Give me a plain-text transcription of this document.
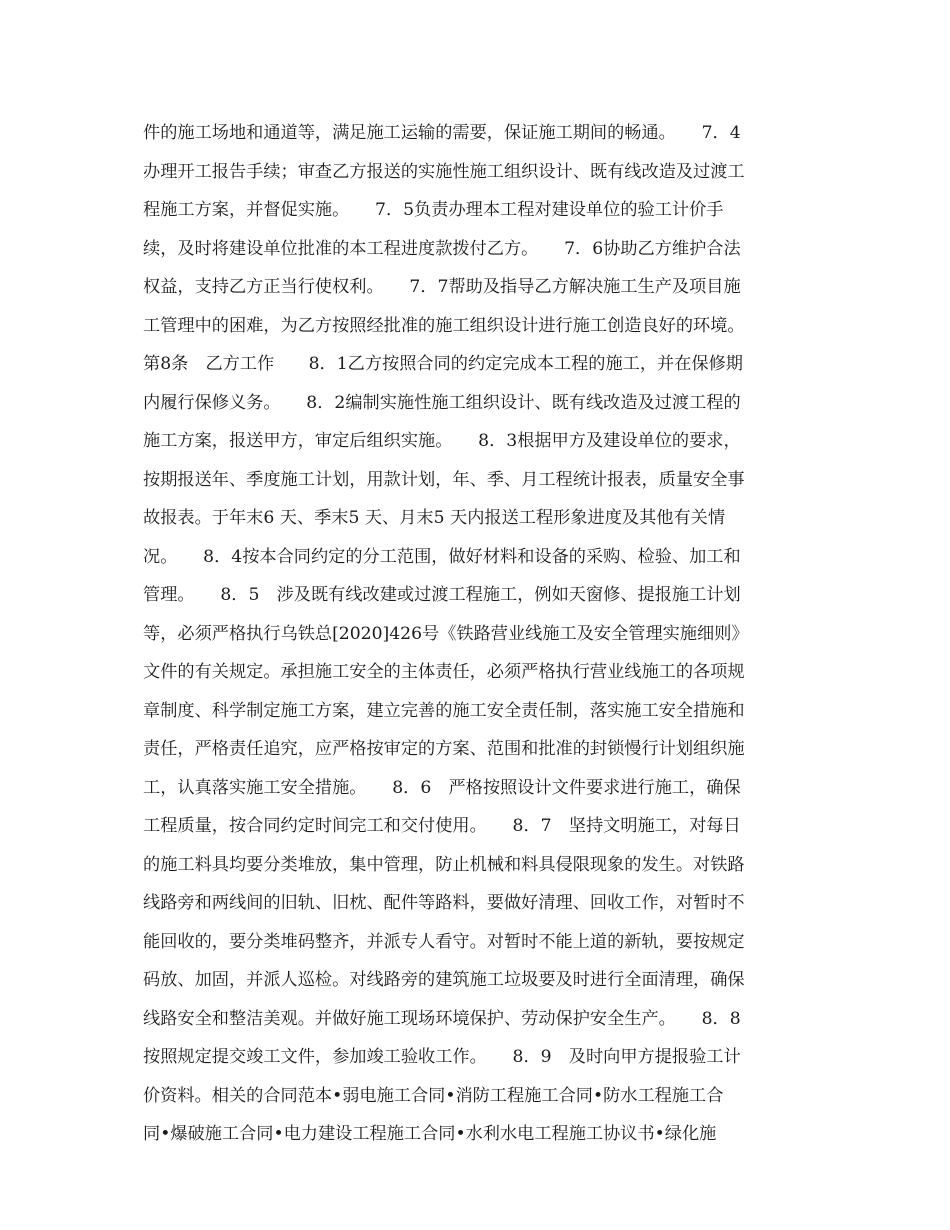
件的施工场地和通道等，满足施工运输的需要，保证施工期间的畅通。　　7．4
办理开工报告手续；审查乙方报送的实施性施工组织设计、既有线改造及过渡工
程施工方案，并督促实施。　　7．5负责办理本工程对建设单位的验工计价手
续，及时将建设单位批准的本工程进度款拨付乙方。　　7．6协助乙方维护合法
权益，支持乙方正当行使权利。　　7．7帮助及指导乙方解决施工生产及项目施
工管理中的困难，为乙方按照经批准的施工组织设计进行施工创造良好的环境。
第8条　乙方工作　　8．1乙方按照合同的约定完成本工程的施工，并在保修期
内履行保修义务。　　8．2编制实施性施工组织设计、既有线改造及过渡工程的
施工方案，报送甲方，审定后组织实施。　　8．3根据甲方及建设单位的要求，
按期报送年、季度施工计划，用款计划，年、季、月工程统计报表，质量安全事
故报表。于年末6 天、季末5 天、月末5 天内报送工程形象进度及其他有关情
况。　　8．4按本合同约定的分工范围，做好材料和设备的采购、检验、加工和
管理。　　8．5　涉及既有线改建或过渡工程施工，例如天窗修、提报施工计划
等，必须严格执行乌铁总[2020]426号《铁路营业线施工及安全管理实施细则》
文件的有关规定。承担施工安全的主体责任，必须严格执行营业线施工的各项规
章制度、科学制定施工方案，建立完善的施工安全责任制，落实施工安全措施和
责任，严格责任追究，应严格按审定的方案、范围和批准的封锁慢行计划组织施
工，认真落实施工安全措施。　　8．6　严格按照设计文件要求进行施工，确保
工程质量，按合同约定时间完工和交付使用。　　8．7　坚持文明施工，对每日
的施工料具均要分类堆放，集中管理，防止机械和料具侵限现象的发生。对铁路
线路旁和两线间的旧轨、旧枕、配件等路料，要做好清理、回收工作，对暂时不
能回收的，要分类堆码整齐，并派专人看守。对暂时不能上道的新轨，要按规定
码放、加固，并派人巡检。对线路旁的建筑施工垃圾要及时进行全面清理，确保
线路安全和整洁美观。并做好施工现场环境保护、劳动保护安全生产。　　8．8
按照规定提交竣工文件，参加竣工验收工作。　　8．9　及时向甲方提报验工计
价资料。相关的合同范本•弱电施工合同•消防工程施工合同•防水工程施工合
同•爆破施工合同•电力建设工程施工合同•水利水电工程施工协议书•绿化施
